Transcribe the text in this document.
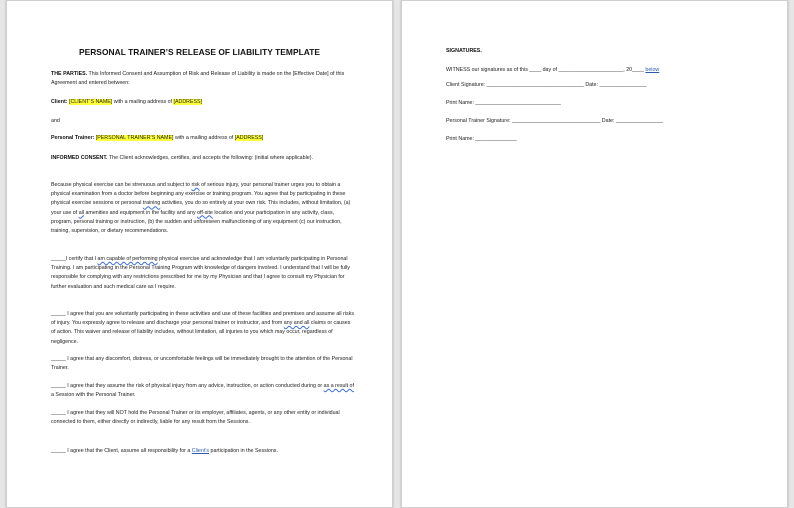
PERSONAL TRAINER’S RELEASE OF LIABILITY TEMPLATE
THE PARTIES. This Informed Consent and Assumption of Risk and Release of Liability is made on the [Effective Date] of this Agreement and entered between:
Client: [CLIENT’S NAME] with a mailing address of [ADDRESS]
and
Personal Trainer: [PERSONAL TRAINER’S NAME] with a mailing address of [ADDRESS]
INFORMED CONSENT. The Client acknowledges, certifies, and accepts the following: (initial where applicable).
Because physical exercise can be strenuous and subject to risk of serious injury, your personal trainer urges you to obtain a physical examination from a doctor before beginning any exercise or training program. You agree that by participating in these physical exercise sessions or personal training activities, you do so entirely at your own risk. This includes, without limitation, (a) your use of all amenities and equipment in the facility and any off-site location and your participation in any activity, class, program, personal training or instruction, (b) the sudden and unforeseen malfunctioning of any equipment (c) our instruction, training, supervision, or dietary recommendations.
_____I certify that I am capable of performing physical exercise and acknowledge that I am voluntarily participating in Personal Training. I am participating in the Personal Training Program with knowledge of dangers involved. I understand that I will be fully responsible for complying with any restrictions prescribed for me by my Physician and that I agree to consult my Physician for further evaluation and such medical care as I require.
_____ I agree that you are voluntarily participating in these activities and use of these facilities and premises and assume all risks of injury. You expressly agree to release and discharge your personal trainer or instructor, and from any and all claims or causes of action. This waiver and release of liability includes, without limitation, all injuries to you which may occur, regardless of negligence.
_____ I agree that any discomfort, distress, or uncomfortable feelings will be immediately brought to the attention of the Personal Trainer.
_____ I agree that they assume the risk of physical injury from any advice, instruction, or action conducted during or as a result of a Session with the Personal Trainer.
_____ I agree that they will NOT hold the Personal Trainer or its employer, affiliates, agents, or any other entity or individual connected to them, either directly or indirectly, liable for any result from the Sessions.
_____ I agree that the Client, assume all responsibility for a Client’s participation in the Sessions.
SIGNATURES.
WITNESS our signatures as of this ____ day of ______________________, 20____ below
Client Signature: _________________________________ Date: ________________
Print Name: _____________________________
Personal Trainer Signature: ______________________________ Date: ________________
Print Name: ______________
